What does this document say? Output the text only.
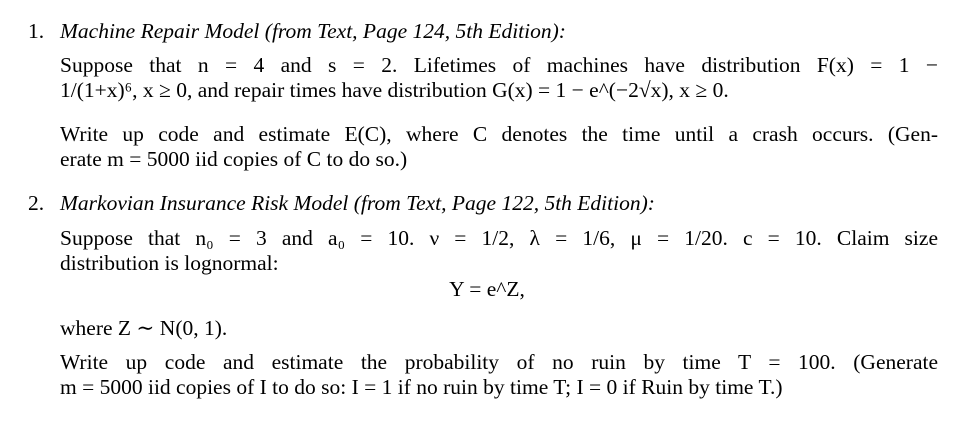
1. Machine Repair Model (from Text, Page 124, 5th Edition):
Suppose that n = 4 and s = 2. Lifetimes of machines have distribution F(x) = 1 −
1/(1+x)⁶, x ≥ 0, and repair times have distribution G(x) = 1 − e^(−2√x), x ≥ 0.
Write up code and estimate E(C), where C denotes the time until a crash occurs. (Gen-
erate m = 5000 iid copies of C to do so.)
2. Markovian Insurance Risk Model (from Text, Page 122, 5th Edition):
Suppose that n₀ = 3 and a₀ = 10. ν = 1/2, λ = 1/6, μ = 1/20. c = 10. Claim size
distribution is lognormal:
Y = e^Z,
where Z ∼ N(0, 1).
Write up code and estimate the probability of no ruin by time T = 100. (Generate
m = 5000 iid copies of I to do so: I = 1 if no ruin by time T; I = 0 if Ruin by time T.)
